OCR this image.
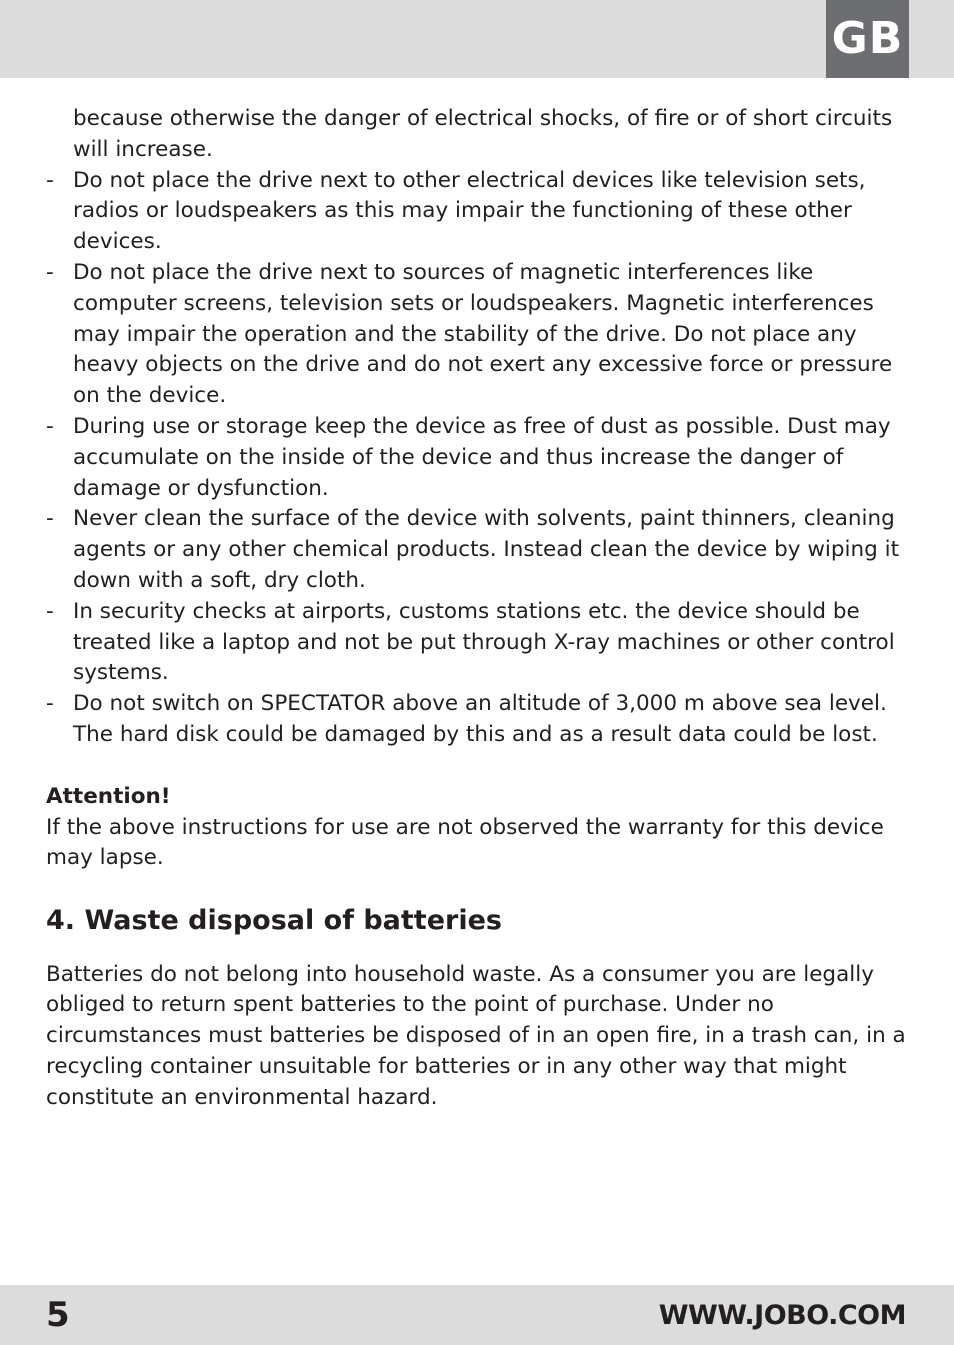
GB
because otherwise the danger of electrical shocks, of fire or of short circuits will increase.
- Do not place the drive next to other electrical devices like television sets, radios or loudspeakers as this may impair the functioning of these other devices.
- Do not place the drive next to sources of magnetic interferences like computer screens, television sets or loudspeakers. Magnetic interferences may impair the operation and the stability of the drive. Do not place any heavy objects on the drive and do not exert any excessive force or pressure on the device.
- During use or storage keep the device as free of dust as possible. Dust may accumulate on the inside of the device and thus increase the danger of damage or dysfunction.
- Never clean the surface of the device with solvents, paint thinners, cleaning agents or any other chemical products. Instead clean the device by wiping it down with a soft, dry cloth.
- In security checks at airports, customs stations etc. the device should be treated like a laptop and not be put through X-ray machines or other control systems.
- Do not switch on SPECTATOR above an altitude of 3,000 m above sea level. The hard disk could be damaged by this and as a result data could be lost.

Attention!

If the above instructions for use are not observed the warranty for this device may lapse.

4. Waste disposal of batteries

Batteries do not belong into household waste. As a consumer you are legally obliged to return spent batteries to the point of purchase. Under no circumstances must batteries be disposed of in an open fire, in a trash can, in a recycling container unsuitable for batteries or in any other way that might constitute an environmental hazard.

5	WWW.JOBO.COM
